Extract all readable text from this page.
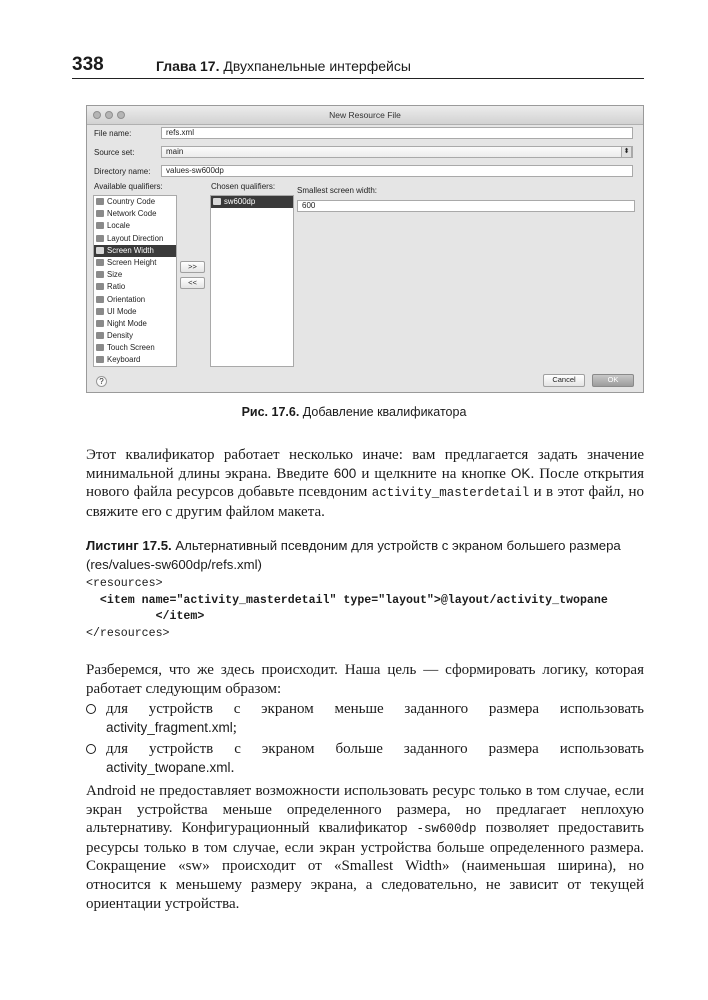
338	Глава 17. Двухпанельные интерфейсы
New Resource File
File name:	refs.xml
Source set:	main	⬍
Directory name:	values-sw600dp
Available qualifiers:	Chosen qualifiers:	Smallest screen width:
Country Code
Network Code
Locale
Layout Direction
Screen Width
Screen Height
Size
Ratio
Orientation
UI Mode
Night Mode
Density
Touch Screen
Keyboard
>>
<<
sw600dp	600
?	Cancel	OK
Рис. 17.6. Добавление квалификатора

Этот квалификатор работает несколько иначе: вам предлагается задать значение минимальной длины экрана. Введите 600 и щелкните на кнопке OK. После открытия нового файла ресурсов добавьте псевдоним activity_masterdetail и в этот файл, но свяжите его с другим файлом макета.

Листинг 17.5. Альтернативный псевдоним для устройств с экраном большего размера (res/values-sw600dp/refs.xml)

<resources>
<item name="activity_masterdetail" type="layout">@layout/activity_twopane
</item>
</resources>

Разберемся, что же здесь происходит. Наша цель — сформировать логику, которая работает следующим образом:

для устройств с экраном меньше заданного размера использовать activity_fragment.xml;
для устройств с экраном больше заданного размера использовать activity_twopane.xml.

Android не предоставляет возможности использовать ресурс только в том случае, если экран устройства меньше определенного размера, но предлагает неплохую альтернативу. Конфигурационный квалификатор -sw600dp позволяет предоставить ресурсы только в том случае, если экран устройства больше определенного размера. Сокращение «sw» происходит от «Smallest Width» (наименьшая ширина), но относится к меньшему размеру экрана, а следовательно, не зависит от текущей ориентации устройства.
